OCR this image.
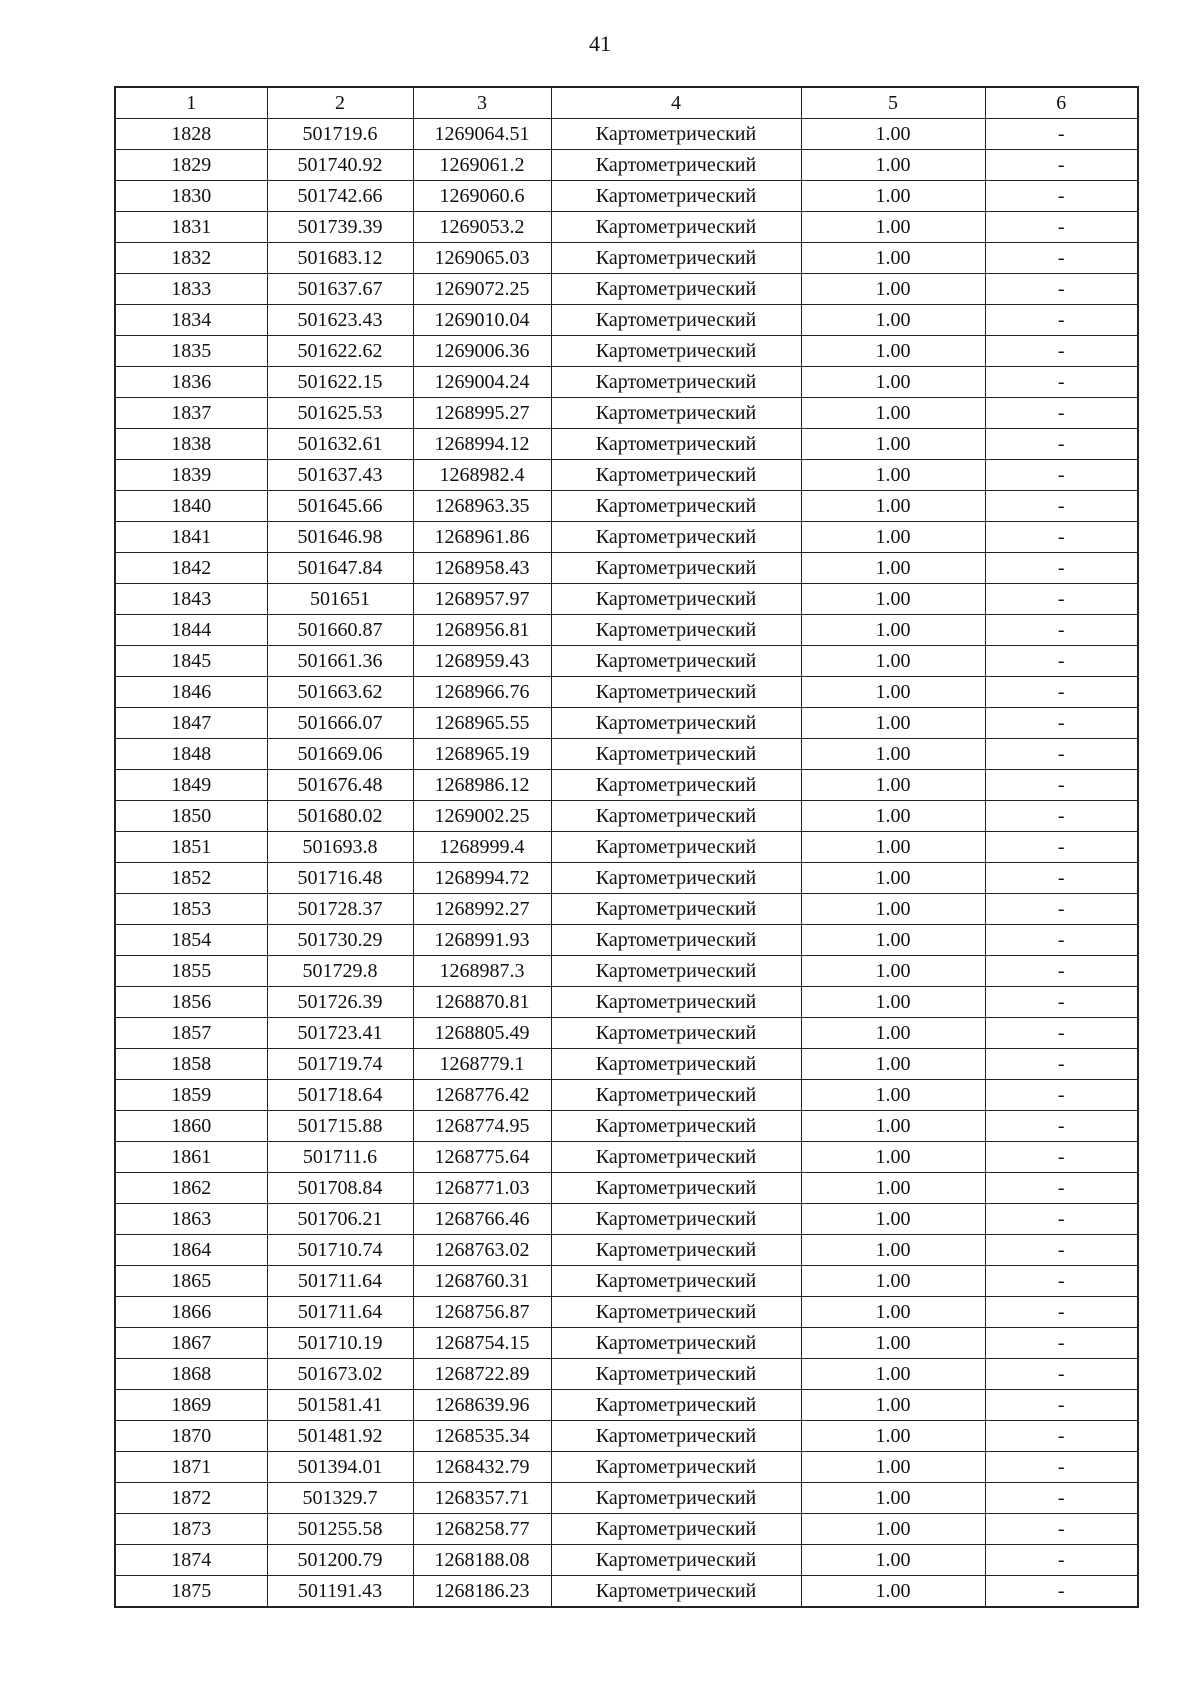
41
1	2	3	4	5	6
1828	501719.6	1269064.51	Картометрический	1.00	-
1829	501740.92	1269061.2	Картометрический	1.00	-
1830	501742.66	1269060.6	Картометрический	1.00	-
1831	501739.39	1269053.2	Картометрический	1.00	-
1832	501683.12	1269065.03	Картометрический	1.00	-
1833	501637.67	1269072.25	Картометрический	1.00	-
1834	501623.43	1269010.04	Картометрический	1.00	-
1835	501622.62	1269006.36	Картометрический	1.00	-
1836	501622.15	1269004.24	Картометрический	1.00	-
1837	501625.53	1268995.27	Картометрический	1.00	-
1838	501632.61	1268994.12	Картометрический	1.00	-
1839	501637.43	1268982.4	Картометрический	1.00	-
1840	501645.66	1268963.35	Картометрический	1.00	-
1841	501646.98	1268961.86	Картометрический	1.00	-
1842	501647.84	1268958.43	Картометрический	1.00	-
1843	501651	1268957.97	Картометрический	1.00	-
1844	501660.87	1268956.81	Картометрический	1.00	-
1845	501661.36	1268959.43	Картометрический	1.00	-
1846	501663.62	1268966.76	Картометрический	1.00	-
1847	501666.07	1268965.55	Картометрический	1.00	-
1848	501669.06	1268965.19	Картометрический	1.00	-
1849	501676.48	1268986.12	Картометрический	1.00	-
1850	501680.02	1269002.25	Картометрический	1.00	-
1851	501693.8	1268999.4	Картометрический	1.00	-
1852	501716.48	1268994.72	Картометрический	1.00	-
1853	501728.37	1268992.27	Картометрический	1.00	-
1854	501730.29	1268991.93	Картометрический	1.00	-
1855	501729.8	1268987.3	Картометрический	1.00	-
1856	501726.39	1268870.81	Картометрический	1.00	-
1857	501723.41	1268805.49	Картометрический	1.00	-
1858	501719.74	1268779.1	Картометрический	1.00	-
1859	501718.64	1268776.42	Картометрический	1.00	-
1860	501715.88	1268774.95	Картометрический	1.00	-
1861	501711.6	1268775.64	Картометрический	1.00	-
1862	501708.84	1268771.03	Картометрический	1.00	-
1863	501706.21	1268766.46	Картометрический	1.00	-
1864	501710.74	1268763.02	Картометрический	1.00	-
1865	501711.64	1268760.31	Картометрический	1.00	-
1866	501711.64	1268756.87	Картометрический	1.00	-
1867	501710.19	1268754.15	Картометрический	1.00	-
1868	501673.02	1268722.89	Картометрический	1.00	-
1869	501581.41	1268639.96	Картометрический	1.00	-
1870	501481.92	1268535.34	Картометрический	1.00	-
1871	501394.01	1268432.79	Картометрический	1.00	-
1872	501329.7	1268357.71	Картометрический	1.00	-
1873	501255.58	1268258.77	Картометрический	1.00	-
1874	501200.79	1268188.08	Картометрический	1.00	-
1875	501191.43	1268186.23	Картометрический	1.00	-
